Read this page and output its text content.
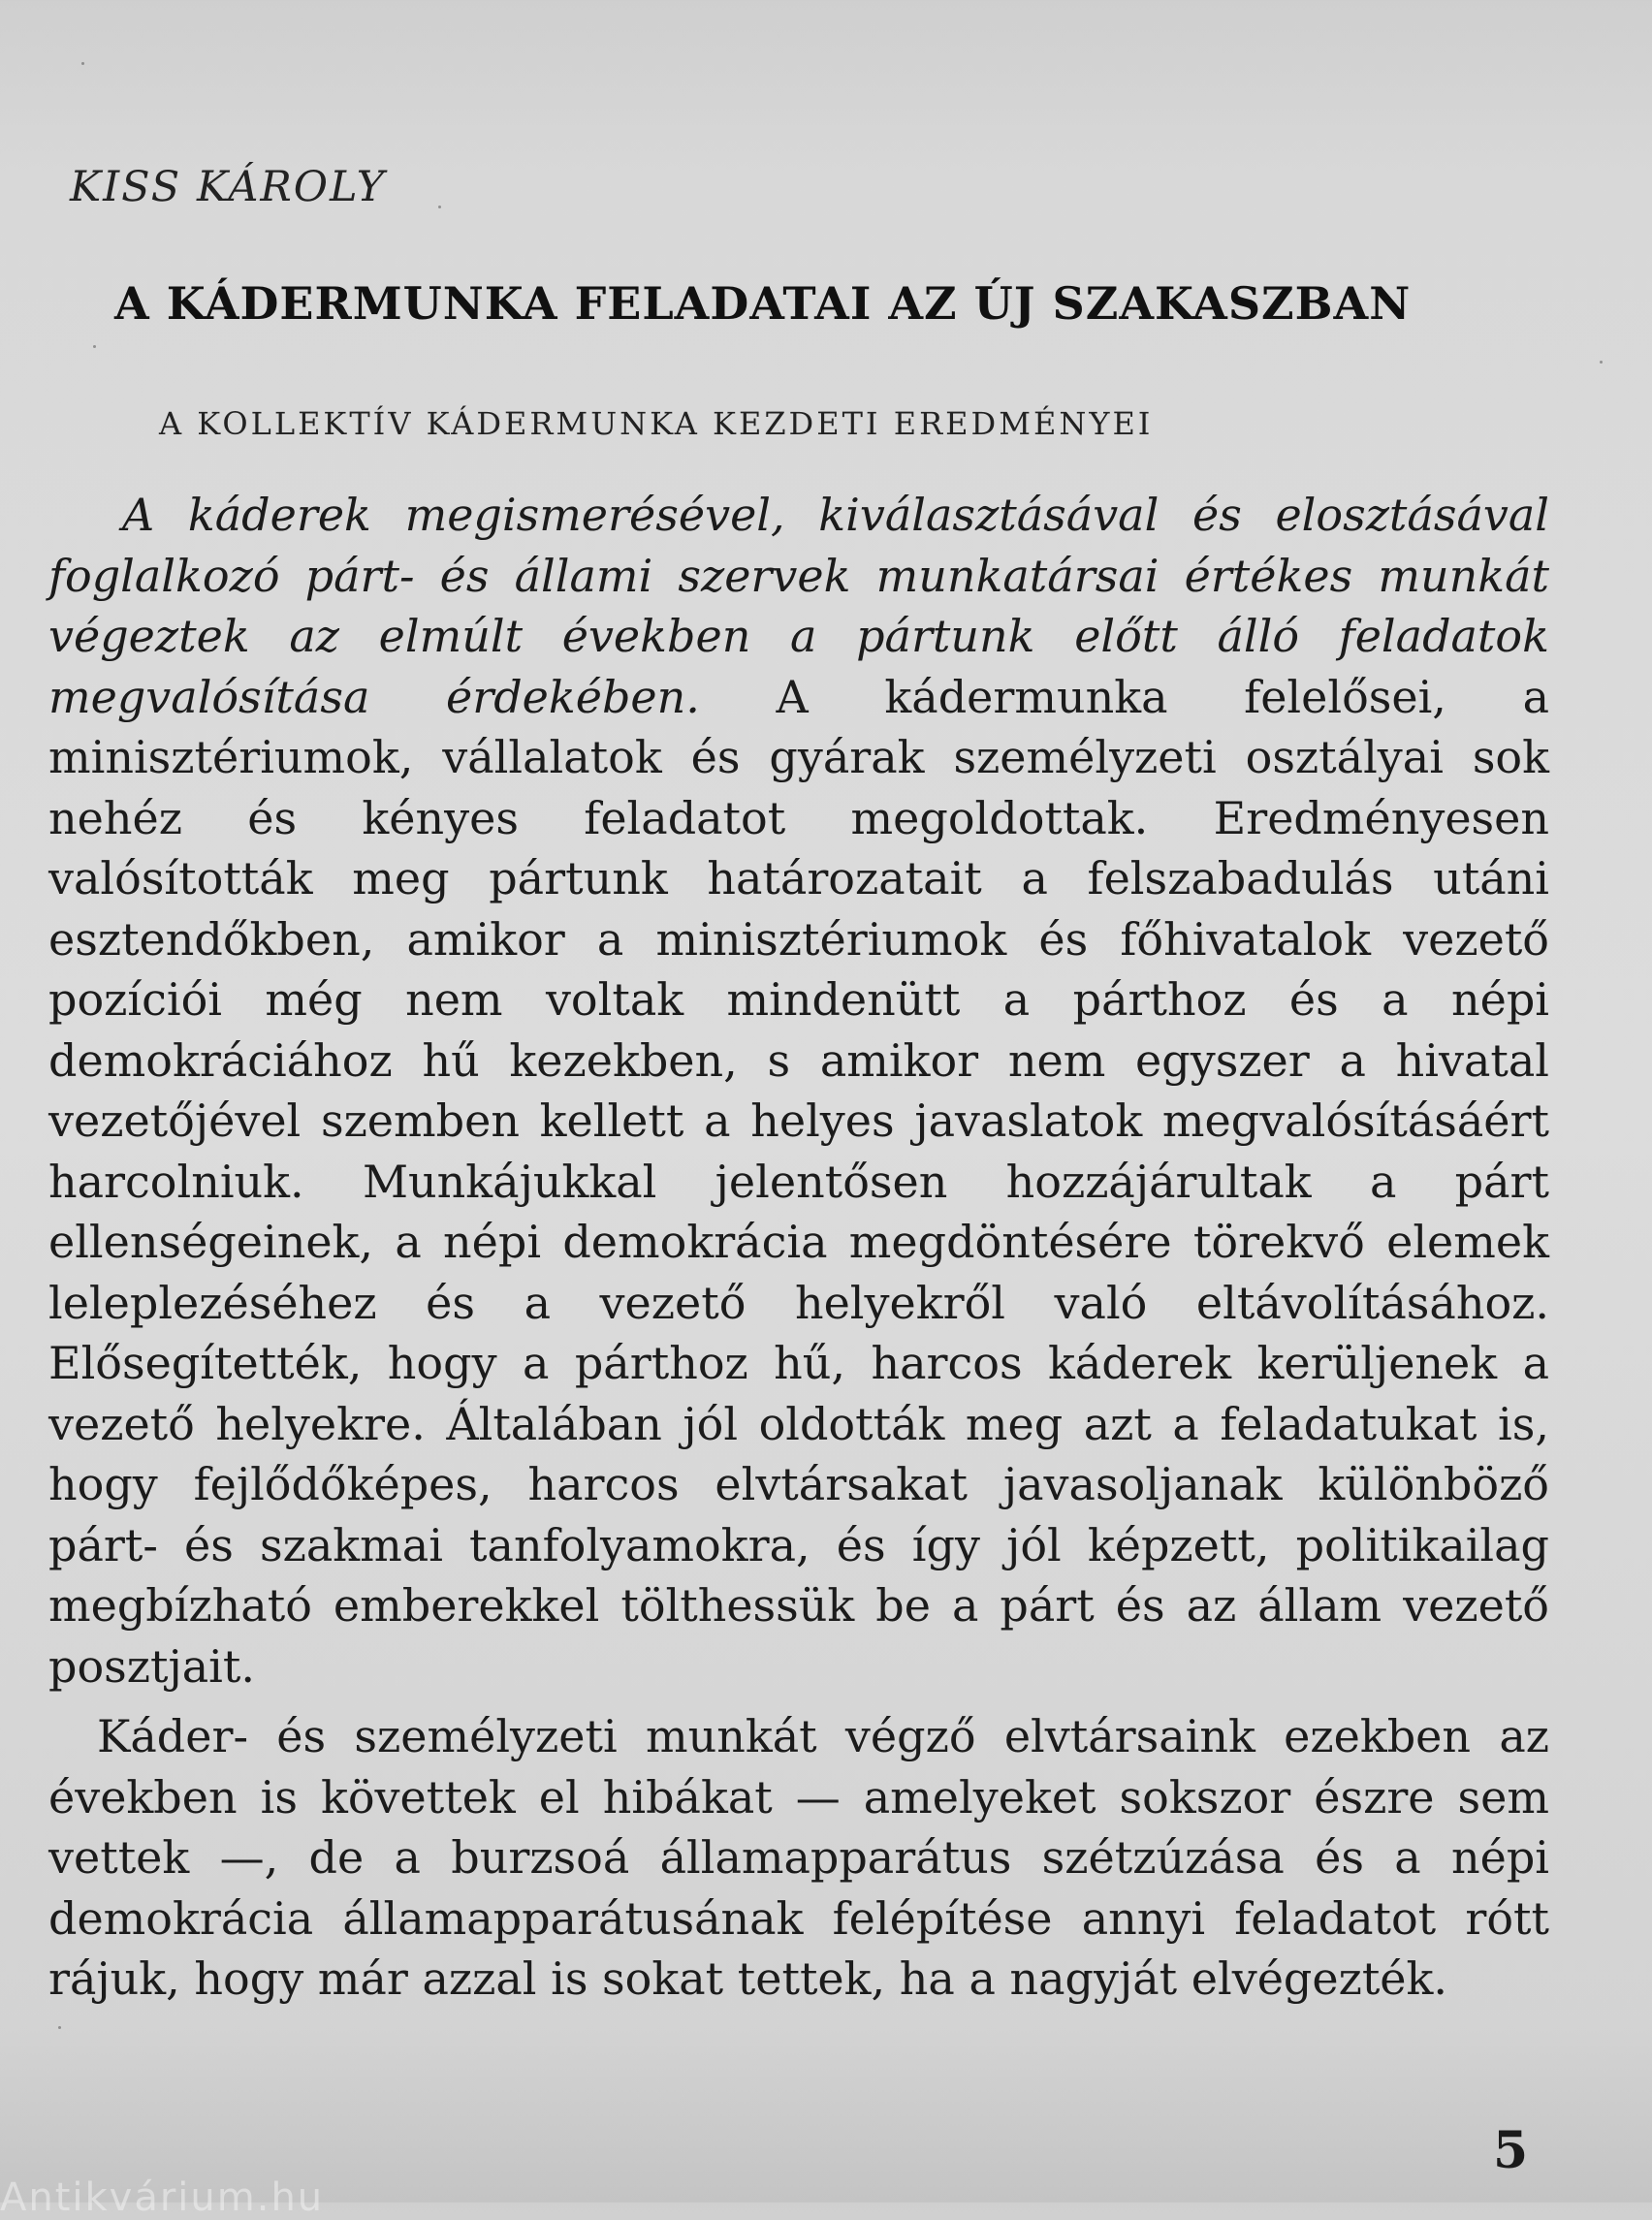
KISS KÁROLY

A KÁDERMUNKA FELADATAI AZ ÚJ SZAKASZBAN
A KOLLEKTÍV KÁDERMUNKA KEZDETI EREDMÉNYEI

A káderek megismerésével, kiválasztásával és elosztásával foglalkozó párt- és állami szervek munkatársai értékes munkát végeztek az elmúlt években a pártunk előtt álló feladatok megvalósítása érdekében. A kádermunka felelősei, a minisztériumok, vállalatok és gyárak személyzeti osztályai sok nehéz és kényes feladatot megoldottak. Eredményesen valósították meg pártunk határozatait a felszabadulás utáni esztendőkben, amikor a minisztériumok és főhivatalok vezető pozíciói még nem voltak mindenütt a párthoz és a népi demokráciához hű kezekben, s amikor nem egyszer a hivatal vezetőjével szemben kellett a helyes javaslatok megvalósításáért harcolniuk. Munkájukkal jelentősen hozzájárultak a párt ellenségeinek, a népi demokrácia megdöntésére törekvő elemek leleplezéséhez és a vezető helyekről való eltávolításához. Elősegítették, hogy a párthoz hű, harcos káderek kerüljenek a vezető helyekre. Általában jól oldották meg azt a feladatukat is, hogy fejlődőképes, harcos elvtársakat javasoljanak különböző párt- és szakmai tanfolyamokra, és így jól képzett, politikailag megbízható emberekkel tölthessük be a párt és az állam vezető posztjait.

Káder- és személyzeti munkát végző elvtársaink ezekben az években is követtek el hibákat — amelyeket sokszor észre sem vettek —, de a burzsoá államapparátus szétzúzása és a népi demokrácia államapparátusának felépítése annyi feladatot rótt rájuk, hogy már azzal is sokat tettek, ha a nagyját elvégezték.

5

Antikvárium.hu
